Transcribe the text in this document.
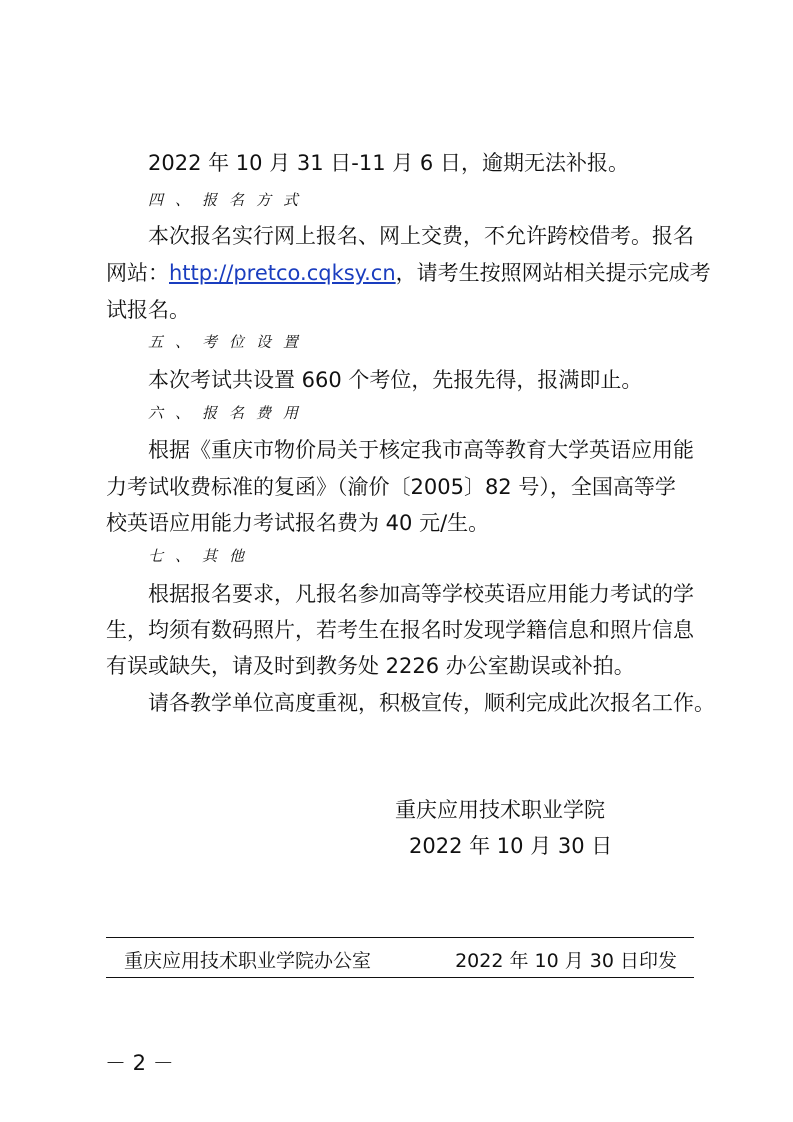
2022 年 10 月 31 日-11 月 6 日，逾期无法补报。
四、报名方式
本次报名实行网上报名、网上交费，不允许跨校借考。报名
网站：http://pretco.cqksy.cn，请考生按照网站相关提示完成考
试报名。
五、考位设置
本次考试共设置 660 个考位，先报先得，报满即止。
六、报名费用
根据《重庆市物价局关于核定我市高等教育大学英语应用能
力考试收费标准的复函》（渝价〔2005〕82 号），全国高等学
校英语应用能力考试报名费为 40 元/生。
七、其他
根据报名要求，凡报名参加高等学校英语应用能力考试的学
生，均须有数码照片，若考生在报名时发现学籍信息和照片信息
有误或缺失，请及时到教务处 2226 办公室勘误或补拍。
请各教学单位高度重视，积极宣传，顺利完成此次报名工作。
重庆应用技术职业学院
2022 年 10 月 30 日
重庆应用技术职业学院办公室	2022 年 10 月 30 日印发
－ 2 －
